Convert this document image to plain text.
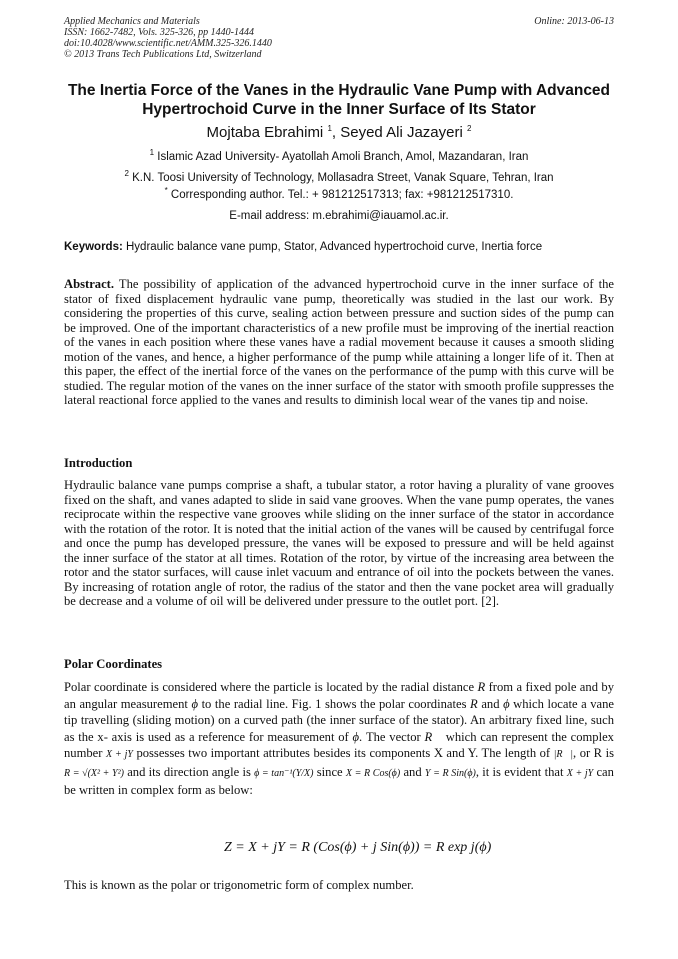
Applied Mechanics and Materials
ISSN: 1662-7482, Vols. 325-326, pp 1440-1444
doi:10.4028/www.scientific.net/AMM.325-326.1440
© 2013 Trans Tech Publications Ltd, Switzerland
Online: 2013-06-13
The Inertia Force of the Vanes in the Hydraulic Vane Pump with Advanced Hypertrochoid Curve in the Inner Surface of Its Stator
Mojtaba Ebrahimi $^1$, Seyed Ali Jazayeri $^2$
$^1$ Islamic Azad University- Ayatollah Amoli Branch, Amol, Mazandaran, Iran
$^2$ K.N. Toosi University of Technology, Mollasadra Street, Vanak Square, Tehran, Iran
* Corresponding author. Tel.: + 981212517313; fax: +981212517310.
E-mail address: m.ebrahimi@iauamol.ac.ir.
Keywords: Hydraulic balance vane pump, Stator, Advanced hypertrochoid curve, Inertia force
Abstract. The possibility of application of the advanced hypertrochoid curve in the inner surface of the stator of fixed displacement hydraulic vane pump, theoretically was studied in the last our work. By considering the properties of this curve, sealing action between pressure and suction sides of the pump can be improved. One of the important characteristics of a new profile must be improving of the inertial reaction of the vanes in each position where these vanes have a radial movement because it causes a smooth sliding motion of the vanes, and hence, a higher performance of the pump while attaining a longer life of it. Then at this paper, the effect of the inertial force of the vanes on the performance of the pump with this curve will be studied. The regular motion of the vanes on the inner surface of the stator with smooth profile suppresses the lateral reactional force applied to the vanes and results to diminish local wear of the vanes tip and noise.
Introduction
Hydraulic balance vane pumps comprise a shaft, a tubular stator, a rotor having a plurality of vane grooves fixed on the shaft, and vanes adapted to slide in said vane grooves. When the vane pump operates, the vanes reciprocate within the respective vane grooves while sliding on the inner surface of the stator in accordance with the rotation of the rotor. It is noted that the initial action of the vanes will be caused by centrifugal force and once the pump has developed pressure, the vanes will be exposed to pressure and will be held against the inner surface of the stator at all times. Rotation of the rotor, by virtue of the increasing area between the rotor and the stator surfaces, will cause inlet vacuum and entrance of oil into the pockets between the vanes. By increasing of rotation angle of rotor, the radius of the stator and then the vane pocket area will gradually be decrease and a volume of oil will be delivered under pressure to the outlet port. [2].
Polar Coordinates
Polar coordinate is considered where the particle is located by the radial distance R from a fixed pole and by an angular measurement ϕ to the radial line. Fig. 1 shows the polar coordinates R and ϕ which locate a vane tip travelling (sliding motion) on a curved path (the inner surface of the stator). An arbitrary fixed line, such as the x- axis is used as a reference for measurement of ϕ. The vector R⃗ which can represent the complex number X + jY possesses two important attributes besides its components X and Y. The length of |R⃗|, or R is R = √(X² + Y²) and its direction angle is ϕ = tan⁻¹(Y/X) since X = R Cos(ϕ) and Y = R Sin(ϕ), it is evident that X + jY can be written in complex form as below:
Z = X + jY = R (Cos(ϕ) + j Sin(ϕ)) = R exp j(ϕ)
This is known as the polar or trigonometric form of complex number.
